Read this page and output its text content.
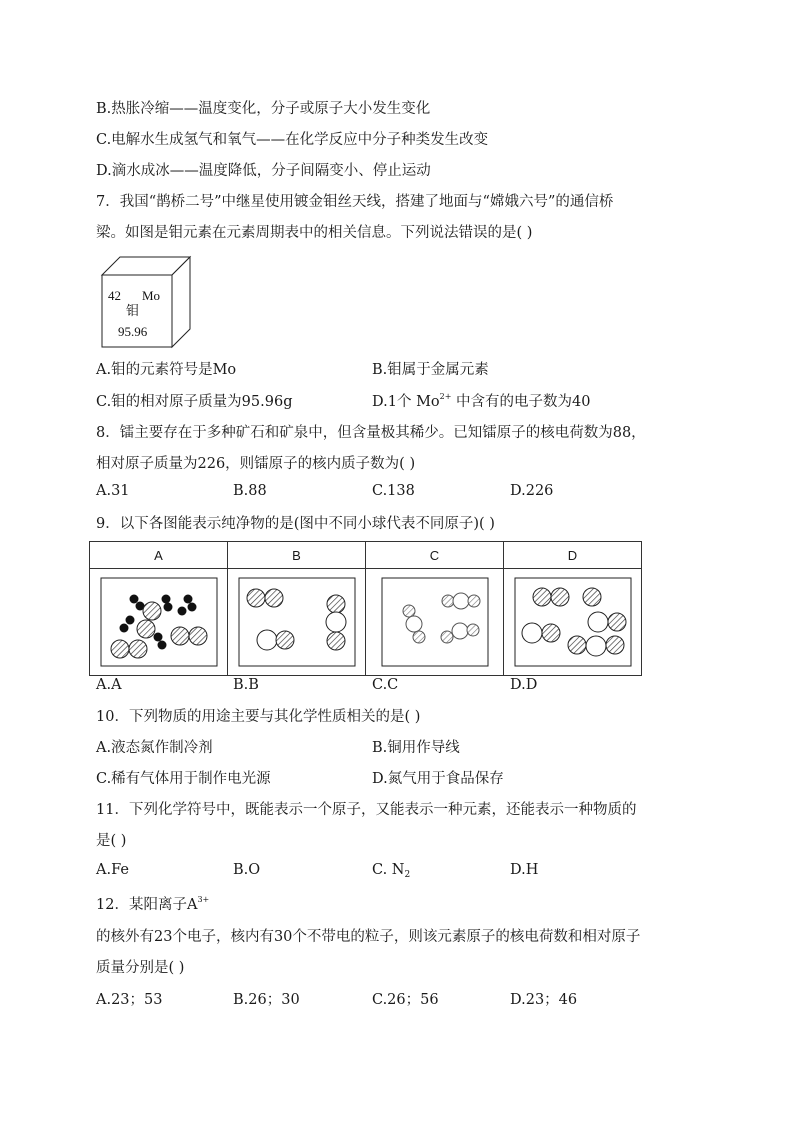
B.热胀冷缩——温度变化，分子或原子大小发生变化
C.电解水生成氢气和氧气——在化学反应中分子种类发生改变
D.滴水成冰——温度降低，分子间隔变小、停止运动
7．我国“鹊桥二号”中继星使用镀金钼丝天线，搭建了地面与“嫦娥六号”的通信桥
梁。如图是钼元素在元素周期表中的相关信息。下列说法错误的是( )
42 Mo
钼
95.96
A.钼的元素符号是Mo	B.钼属于金属元素
C.钼的相对原子质量为95.96g	D.1个 $Mo^{2+}$ 中含有的电子数为40
8．镭主要存在于多种矿石和矿泉中，但含量极其稀少。已知镭原子的核电荷数为88，
相对原子质量为226，则镭原子的核内质子数为( )
A.31	B.88	C.138	D.226
9．以下各图能表示纯净物的是(图中不同小球代表不同原子)( )
A	B	C	D

A.A	B.B	C.C	D.D
10．下列物质的用途主要与其化学性质相关的是( )
A.液态氮作制冷剂	B.铜用作导线
C.稀有气体用于制作电光源	D.氮气用于食品保存
11．下列化学符号中，既能表示一个原子，又能表示一种元素，还能表示一种物质的
是( )
A.Fe	B.O	C. $N_2$	D.H
12．某阳离子$A^{3+}$
的核外有23个电子，核内有30个不带电的粒子，则该元素原子的核电荷数和相对原子
质量分别是( )
A.23；53	B.26；30	C.26；56	D.23；46
